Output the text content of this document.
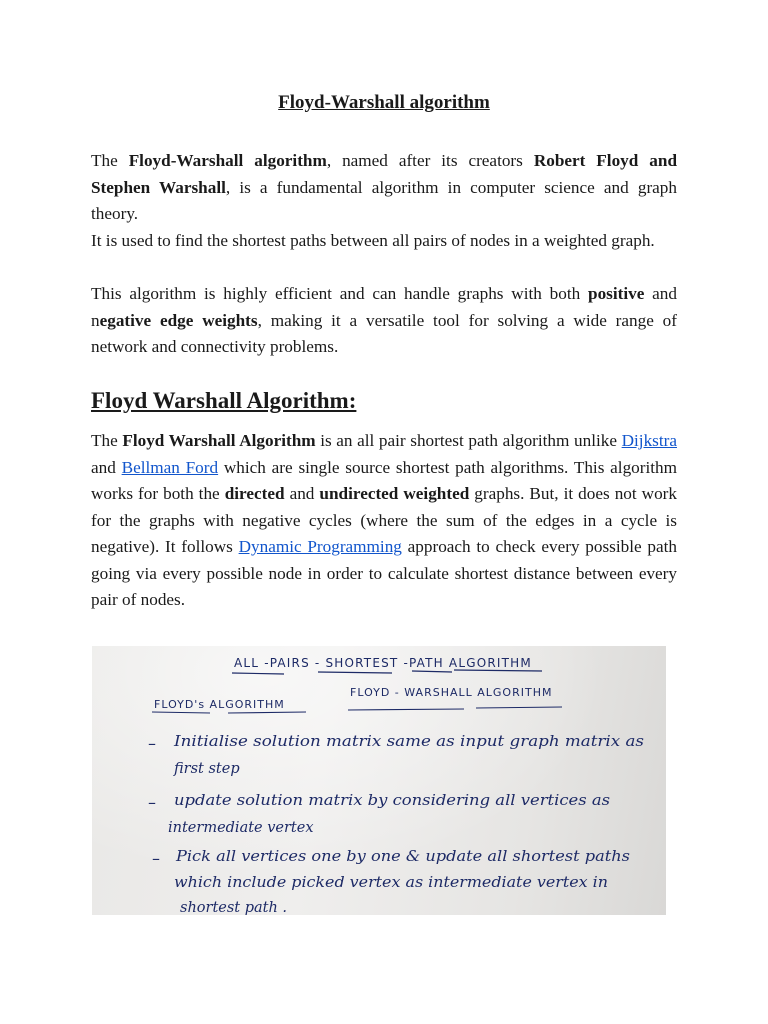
Floyd-Warshall algorithm

The Floyd-Warshall algorithm, named after its creators Robert Floyd and Stephen Warshall, is a fundamental algorithm in computer science and graph theory.

It is used to find the shortest paths between all pairs of nodes in a weighted graph.

This algorithm is highly efficient and can handle graphs with both positive and negative edge weights, making it a versatile tool for solving a wide range of network and connectivity problems.

Floyd Warshall Algorithm:

The Floyd Warshall Algorithm is an all pair shortest path algorithm unlike Dijkstra and Bellman Ford which are single source shortest path algorithms. This algorithm works for both the directed and undirected weighted graphs. But, it does not work for the graphs with negative cycles (where the sum of the edges in a cycle is negative). It follows Dynamic Programming approach to check every possible path going via every possible node in order to calculate shortest distance between every pair of nodes.

ALL -PAIRS - SHORTEST -PATH ALGORITHM
FLOYD's ALGORITHM
FLOYD - WARSHALL ALGORITHM
– Initialise solution matrix same as input graph matrix as
first step
– update solution matrix by considering all vertices as
intermediate vertex
– Pick all vertices one by one & update all shortest paths
which include picked vertex as intermediate vertex in
shortest path .
